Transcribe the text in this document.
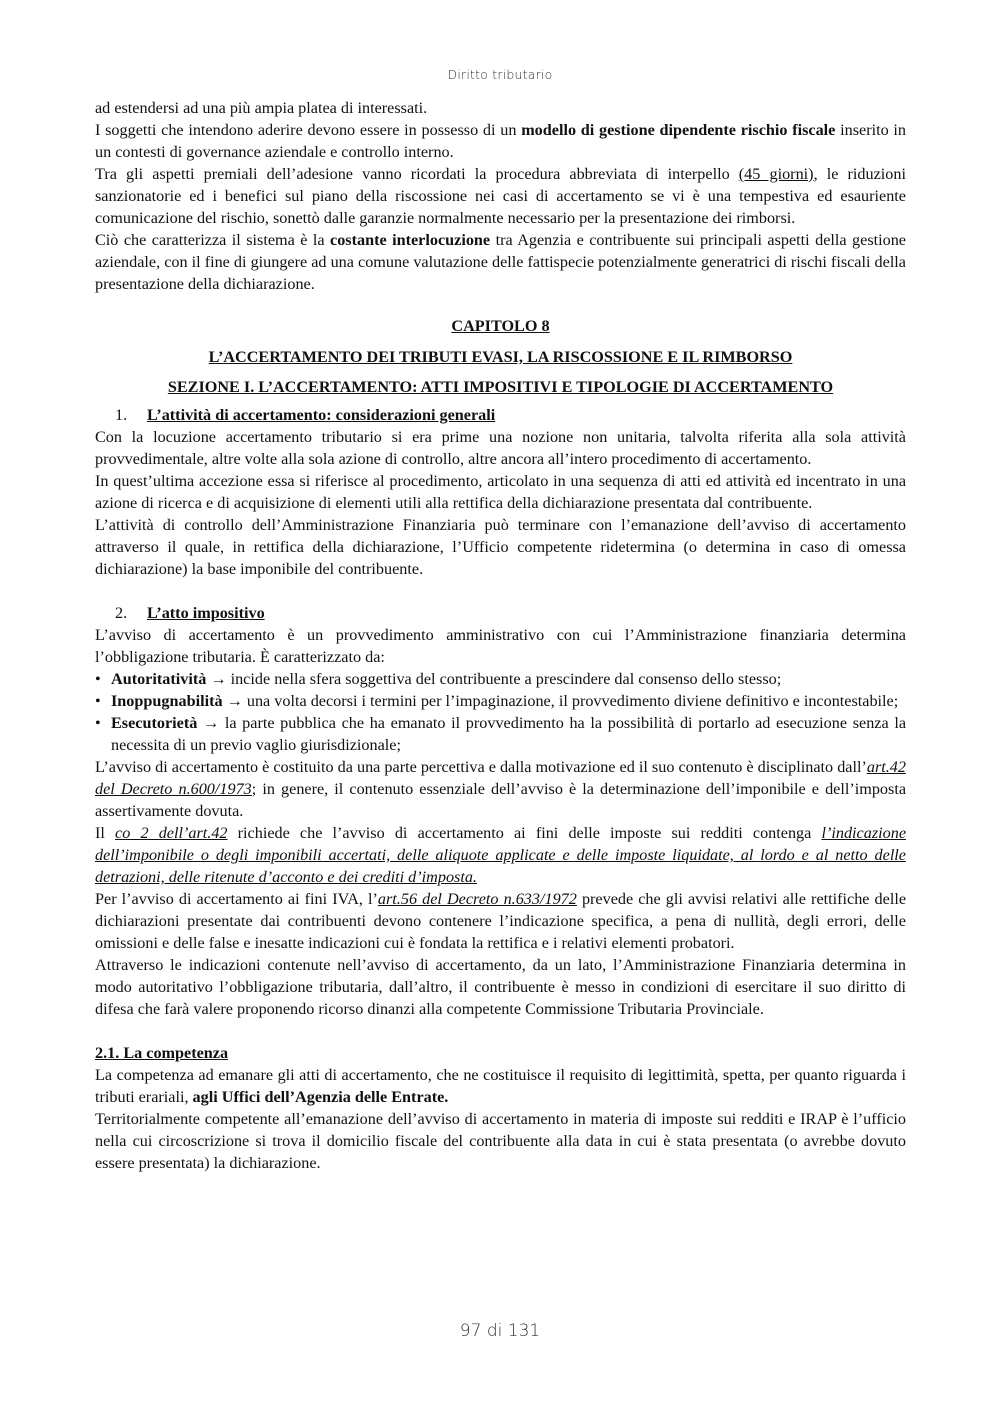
Diritto tributario

ad estendersi ad una più ampia platea di interessati.

I soggetti che intendono aderire devono essere in possesso di un modello di gestione dipendente rischio fiscale inserito in un contesti di governance aziendale e controllo interno.

Tra gli aspetti premiali dell’adesione vanno ricordati la procedura abbreviata di interpello (45 giorni), le riduzioni sanzionatorie ed i benefici sul piano della riscossione nei casi di accertamento se vi è una tempestiva ed esauriente comunicazione del rischio, sonettò dalle garanzie normalmente necessario per la presentazione dei rimborsi.

Ciò che caratterizza il sistema è la costante interlocuzione tra Agenzia e contribuente sui principali aspetti della gestione aziendale, con il fine di giungere ad una comune valutazione delle fattispecie potenzialmente generatrici di rischi fiscali della presentazione della dichiarazione.

CAPITOLO 8

L’ACCERTAMENTO DEI TRIBUTI EVASI, LA RISCOSSIONE E IL RIMBORSO

SEZIONE I. L’ACCERTAMENTO: ATTI IMPOSITIVI E TIPOLOGIE DI ACCERTAMENTO

1. L’attività di accertamento: considerazioni generali

Con la locuzione accertamento tributario si era prime una nozione non unitaria, talvolta riferita alla sola attività provvedimentale, altre volte alla sola azione di controllo, altre ancora all’intero procedimento di accertamento.

In quest’ultima accezione essa si riferisce al procedimento, articolato in una sequenza di atti ed attività ed incentrato in una azione di ricerca e di acquisizione di elementi utili alla rettifica della dichiarazione presentata dal contribuente.

L’attività di controllo dell’Amministrazione Finanziaria può terminare con l’emanazione dell’avviso di accertamento attraverso il quale, in rettifica della dichiarazione, l’Ufficio competente ridetermina (o determina in caso di omessa dichiarazione) la base imponibile del contribuente.

2. L’atto impositivo

L’avviso di accertamento è un provvedimento amministrativo con cui l’Amministrazione finanziaria determina l’obbligazione tributaria. È caratterizzato da:

• Autoritatività → incide nella sfera soggettiva del contribuente a prescindere dal consenso dello stesso;
• Inoppugnabilità → una volta decorsi i termini per l’impaginazione, il provvedimento diviene definitivo e incontestabile;
• Esecutorietà → la parte pubblica che ha emanato il provvedimento ha la possibilità di portarlo ad esecuzione senza la necessita di un previo vaglio giurisdizionale;

L’avviso di accertamento è costituito da una parte percettiva e dalla motivazione ed il suo contenuto è disciplinato dall’art.42 del Decreto n.600/1973; in genere, il contenuto essenziale dell’avviso è la determinazione dell’imponibile e dell’imposta assertivamente dovuta.

Il co 2 dell’art.42 richiede che l’avviso di accertamento ai fini delle imposte sui redditi contenga l’indicazione dell’imponibile o degli imponibili accertati, delle aliquote applicate e delle imposte liquidate, al lordo e al netto delle detrazioni, delle ritenute d’acconto e dei crediti d’imposta.

Per l’avviso di accertamento ai fini IVA, l’art.56 del Decreto n.633/1972 prevede che gli avvisi relativi alle rettifiche delle dichiarazioni presentate dai contribuenti devono contenere l’indicazione specifica, a pena di nullità, degli errori, delle omissioni e delle false e inesatte indicazioni cui è fondata la rettifica e i relativi elementi probatori.

Attraverso le indicazioni contenute nell’avviso di accertamento, da un lato, l’Amministrazione Finanziaria determina in modo autoritativo l’obbligazione tributaria, dall’altro, il contribuente è messo in condizioni di esercitare il suo diritto di difesa che farà valere proponendo ricorso dinanzi alla competente Commissione Tributaria Provinciale.

2.1. La competenza

La competenza ad emanare gli atti di accertamento, che ne costituisce il requisito di legittimità, spetta, per quanto riguarda i tributi erariali, agli Uffici dell’Agenzia delle Entrate.

Territorialmente competente all’emanazione dell’avviso di accertamento in materia di imposte sui redditi e IRAP è l’ufficio nella cui circoscrizione si trova il domicilio fiscale del contribuente alla data in cui è stata presentata (o avrebbe dovuto essere presentata) la dichiarazione.

97 di 131
